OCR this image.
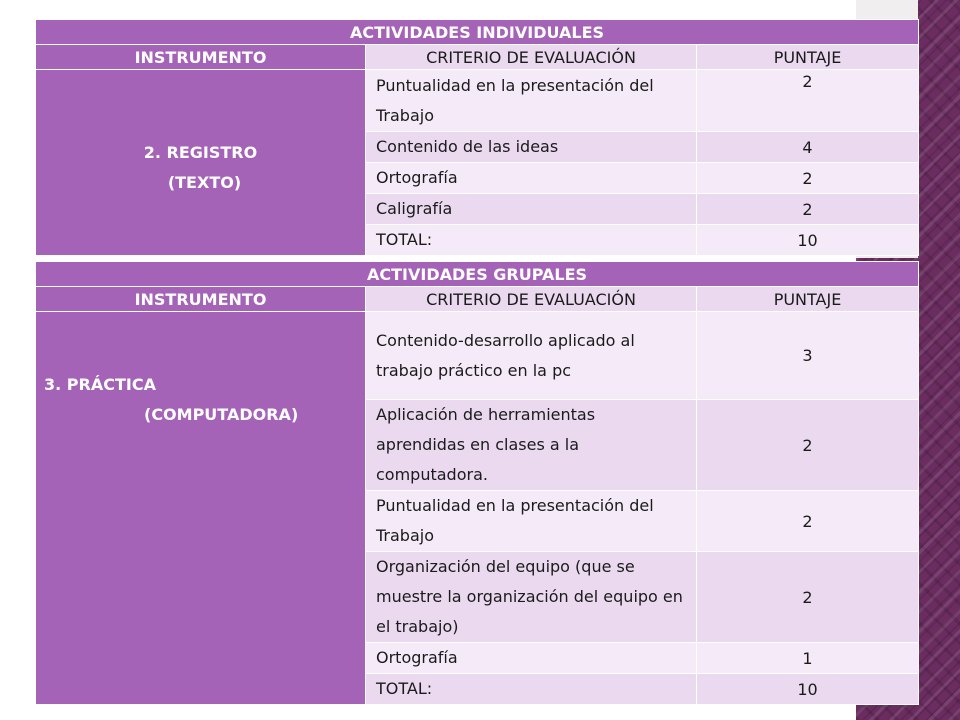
ACTIVIDADES INDIVIDUALES		
INSTRUMENTO	CRITERIO DE EVALUACIÓN	PUNTAJE

2. REGISTRO
(TEXTO)	Puntualidad en la presentación del Trabajo	2
	Contenido de las ideas	4
	Ortografía	2
	Caligrafía	2
	TOTAL:	10
ACTIVIDADES GRUPALES		
INSTRUMENTO	CRITERIO DE EVALUACIÓN	PUNTAJE

3. PRÁCTICA
(COMPUTADORA)	Contenido-desarrollo aplicado al trabajo práctico en la pc	3
	Aplicación de herramientas aprendidas en clases a la computadora.	2
	Puntualidad en la presentación del Trabajo	2
	Organización del equipo (que se muestre la organización del equipo en el trabajo)	2
	Ortografía	1
	TOTAL:	10
